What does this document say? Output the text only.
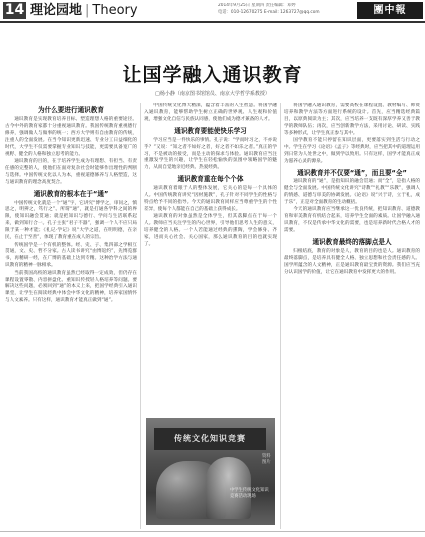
14 理论园地 | Theory	2014年9月25日 星期四 责任编辑：邓婷
电话：010-12670275 E-mail: 1263727@qq.com	團中報
让国学融入通识教育
□杨小静（南京图书馆馆员、南京大学哲学系教授）
为什么要进行通识教育

通识教育是实现教育培养目标、塑造理想人格的重要途径。古今中外的教育家都十分重视通识教育。我国传统教育重视德行修养，强调做人与做事的统一；西方大学则有自由教育的传统，注重人的全面发展。在当今知识更新迅速、专业分工日益细化的时代，大学生不仅需要掌握专业知识与技能，更需要具备宽广的视野、健全的人格和独立思考的能力。

通识教育的目的，在于培养学生成为有理想、有担当、有责任感的完整的人，使他们在面对复杂社会时能够作出理性的判断与选择。中国传统文化以人为本，重视道德修养与人格塑造，这与通识教育的理念高度契合。

通识教育的根本在于“通”

中国传统文化就是一个“通”字，它讲究“博学之，审问之，慎思之，明辨之，笃行之”。所谓“通”，就是打通各学科之间的界限，使知识融会贯通；就是把知识与德行、学问与生活联系起来，做到知行合一。孔子主张“君子不器”，强调一个人不应只局限于某一种才能；《礼记·学记》说“大学之道，在明明德，在亲民，在止于至善”，体现了教育重在成人的宗旨。

传统国学是一个有机的整体。经、史、子、集四部之学相互贯通，文、史、哲不分家。古人读书讲究“由博返约”，先博览群书，再精研一经，在广博的基础上达到专精。这种治学方法与通识教育的精神一脉相承。

当前我国高校的通识教育虽然已经取得一定成效，但仍存在课程设置零散、内容拼盘化、重知识传授轻人格培养等问题。要解决这些问题，必须回到“通”的本义上来，把国学经典引入通识课堂，让学生在阅读经典中体会中华文化的精神，培养家国情怀与人文素养。只有这样，通识教育才能真正做到“通”。

中国传统文化博大精深，蕴含着丰富的人生智慧。将国学融入通识教育，能够帮助学生树立正确的世界观、人生观和价值观，增强文化自信与民族认同感，使他们成为德才兼备的人才。

通识教育要能使快乐学习

学习应当是一件快乐的事情。孔子说：“学而时习之，不亦说乎？”又说：“知之者不如好之者，好之者不如乐之者。”真正的学习，不是被动的接受，而是主动的探求与体验。通识教育应当注重激发学生的兴趣，让学生在轻松愉快的氛围中领略国学的魅力，从而自觉地亲近经典、热爱经典。

通识教育重在每个个体

通识教育着眼于人的整体发展，它关心的是每一个具体的人。中国传统教育讲究“因材施教”，孔子针对不同学生的性格与特点给予不同的指导。今天的通识教育同样应当尊重学生的个性差异，使每个人都能在自己的基础上获得成长。

通识教育的对象虽然是全体学生，但其落脚点在于每一个人。教师应当关注学生的内心世界，引导他们思考人生的意义，培养健全的人格。一个人若能通过经典的熏陶，学会修身、齐家，进而关心社会、关心国家，那么通识教育的目的也就实现了。

传统文化知识竞赛
资料图片
中学生传统文化知识竞赛活动现场

将国学融入通识教育，需要高校在课程设置、教材编写、师资培养和教学方法等方面进行系统的设计。首先，应当精选经典篇目，以原典阅读为主；其次，应当培养一支既有深厚学养又善于教学的教师队伍；再次，应当创新教学方法，采用讨论、研读、实践等多种形式，让学生真正参与其中。

国学教育不能只停留在知识层面，更要落实到生活与行动之中。学生在学习《论语》《孟子》等经典时，应当把其中的道理运用到日常为人处世之中，做到学以致用。只有这样，国学才能真正成为滋养心灵的源泉。

通识教育并不仅要“通”，而且要“全”

通识教育的“通”，是指知识的融会贯通；而“全”，是指人格的健全与全面发展。中国传统文化讲究“诗教”“礼教”“乐教”，强调人的情感、道德与审美的协调发展。《论语》说“兴于诗，立于礼，成于乐”，正是对全面教育的生动概括。

今天的通识教育应当继承这一优良传统，把知识教育、道德教育和审美教育有机结合起来，培养学生全面的素质。让国学融入通识教育，不仅是传承中华文化的需要，也是培养新时代合格人才的需要。

通识教育最终的落脚点是人

归根结底，教育的对象是人，教育的目的也是人。通识教育的最终落脚点，是培养具有健全人格、独立思想和社会责任感的人。国学所蕴含的人文精神，正是通识教育最宝贵的资源。我们应当充分认识国学的价值，让它在通识教育中发挥更大的作用。
